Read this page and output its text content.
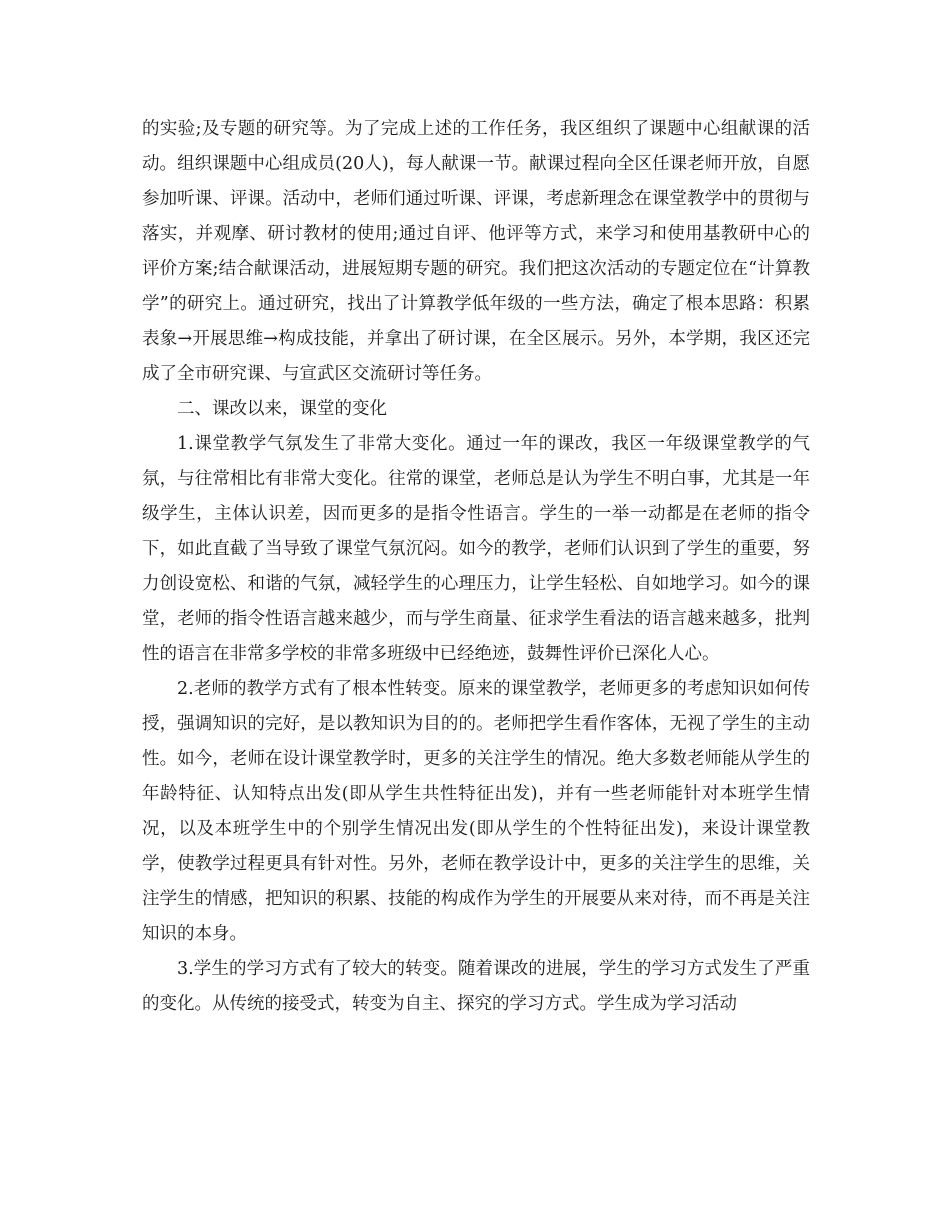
的实验;及专题的研究等。为了完成上述的工作任务，我区组织了课题中心组献课的活动。组织课题中心组成员(20人)，每人献课一节。献课过程向全区任课老师开放，自愿参加听课、评课。活动中，老师们通过听课、评课，考虑新理念在课堂教学中的贯彻与落实，并观摩、研讨教材的使用;通过自评、他评等方式，来学习和使用基教研中心的评价方案;结合献课活动，进展短期专题的研究。我们把这次活动的专题定位在“计算教学”的研究上。通过研究，找出了计算教学低年级的一些方法，确定了根本思路：积累表象→开展思维→构成技能，并拿出了研讨课，在全区展示。另外，本学期，我区还完成了全市研究课、与宣武区交流研讨等任务。

二、课改以来，课堂的变化

1.课堂教学气氛发生了非常大变化。通过一年的课改，我区一年级课堂教学的气氛，与往常相比有非常大变化。往常的课堂，老师总是认为学生不明白事，尤其是一年级学生，主体认识差，因而更多的是指令性语言。学生的一举一动都是在老师的指令下，如此直截了当导致了课堂气氛沉闷。如今的教学，老师们认识到了学生的重要，努力创设宽松、和谐的气氛，减轻学生的心理压力，让学生轻松、自如地学习。如今的课堂，老师的指令性语言越来越少，而与学生商量、征求学生看法的语言越来越多，批判性的语言在非常多学校的非常多班级中已经绝迹，鼓舞性评价已深化人心。

2.老师的教学方式有了根本性转变。原来的课堂教学，老师更多的考虑知识如何传授，强调知识的完好，是以教知识为目的的。老师把学生看作客体，无视了学生的主动性。如今，老师在设计课堂教学时，更多的关注学生的情况。绝大多数老师能从学生的年龄特征、认知特点出发(即从学生共性特征出发)，并有一些老师能针对本班学生情况，以及本班学生中的个别学生情况出发(即从学生的个性特征出发)，来设计课堂教学，使教学过程更具有针对性。另外，老师在教学设计中，更多的关注学生的思维，关注学生的情感，把知识的积累、技能的构成作为学生的开展要从来对待，而不再是关注知识的本身。

3.学生的学习方式有了较大的转变。随着课改的进展，学生的学习方式发生了严重的变化。从传统的接受式，转变为自主、探究的学习方式。学生成为学习活动
